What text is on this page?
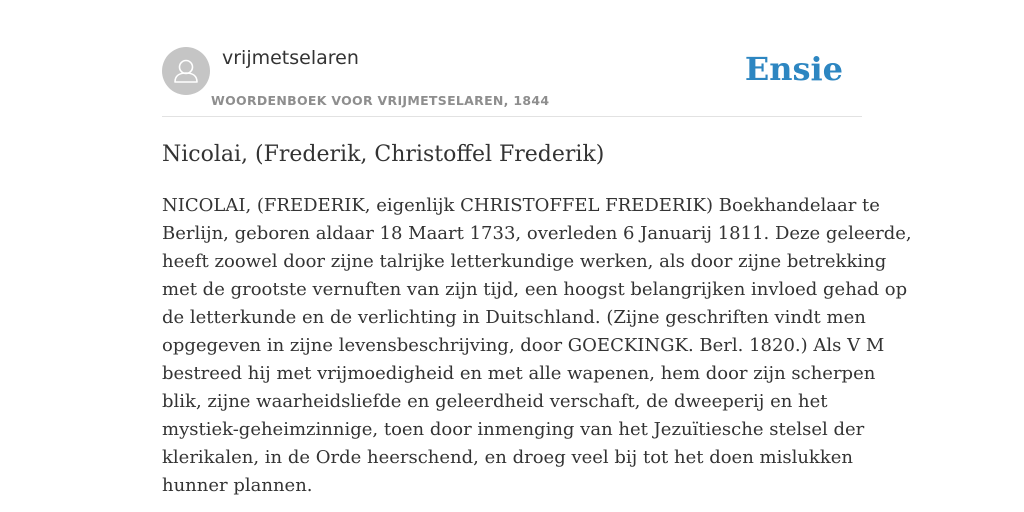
vrijmetselaren
WOORDENBOEK VOOR VRIJMETSELAREN, 1844
Ensie
Nicolai, (Frederik, Christoffel Frederik)

NICOLAI, (FREDERIK, eigenlijk CHRISTOFFEL FREDERIK) Boekhandelaar te
Berlijn, geboren aldaar 18 Maart 1733, overleden 6 Januarij 1811. Deze geleerde,
heeft zoowel door zijne talrijke letterkundige werken, als door zijne betrekking
met de grootste vernuften van zijn tijd, een hoogst belangrijken invloed gehad op
de letterkunde en de verlichting in Duitschland. (Zijne geschriften vindt men
opgegeven in zijne levensbeschrijving, door GOECKINGK. Berl. 1820.) Als V M
bestreed hij met vrijmoedigheid en met alle wapenen, hem door zijn scherpen
blik, zijne waarheidsliefde en geleerdheid verschaft, de dweeperij en het
mystiek-geheimzinnige, toen door inmenging van het Jezuïtiesche stelsel der
klerikalen, in de Orde heerschend, en droeg veel bij tot het doen mislukken
hunner plannen.
